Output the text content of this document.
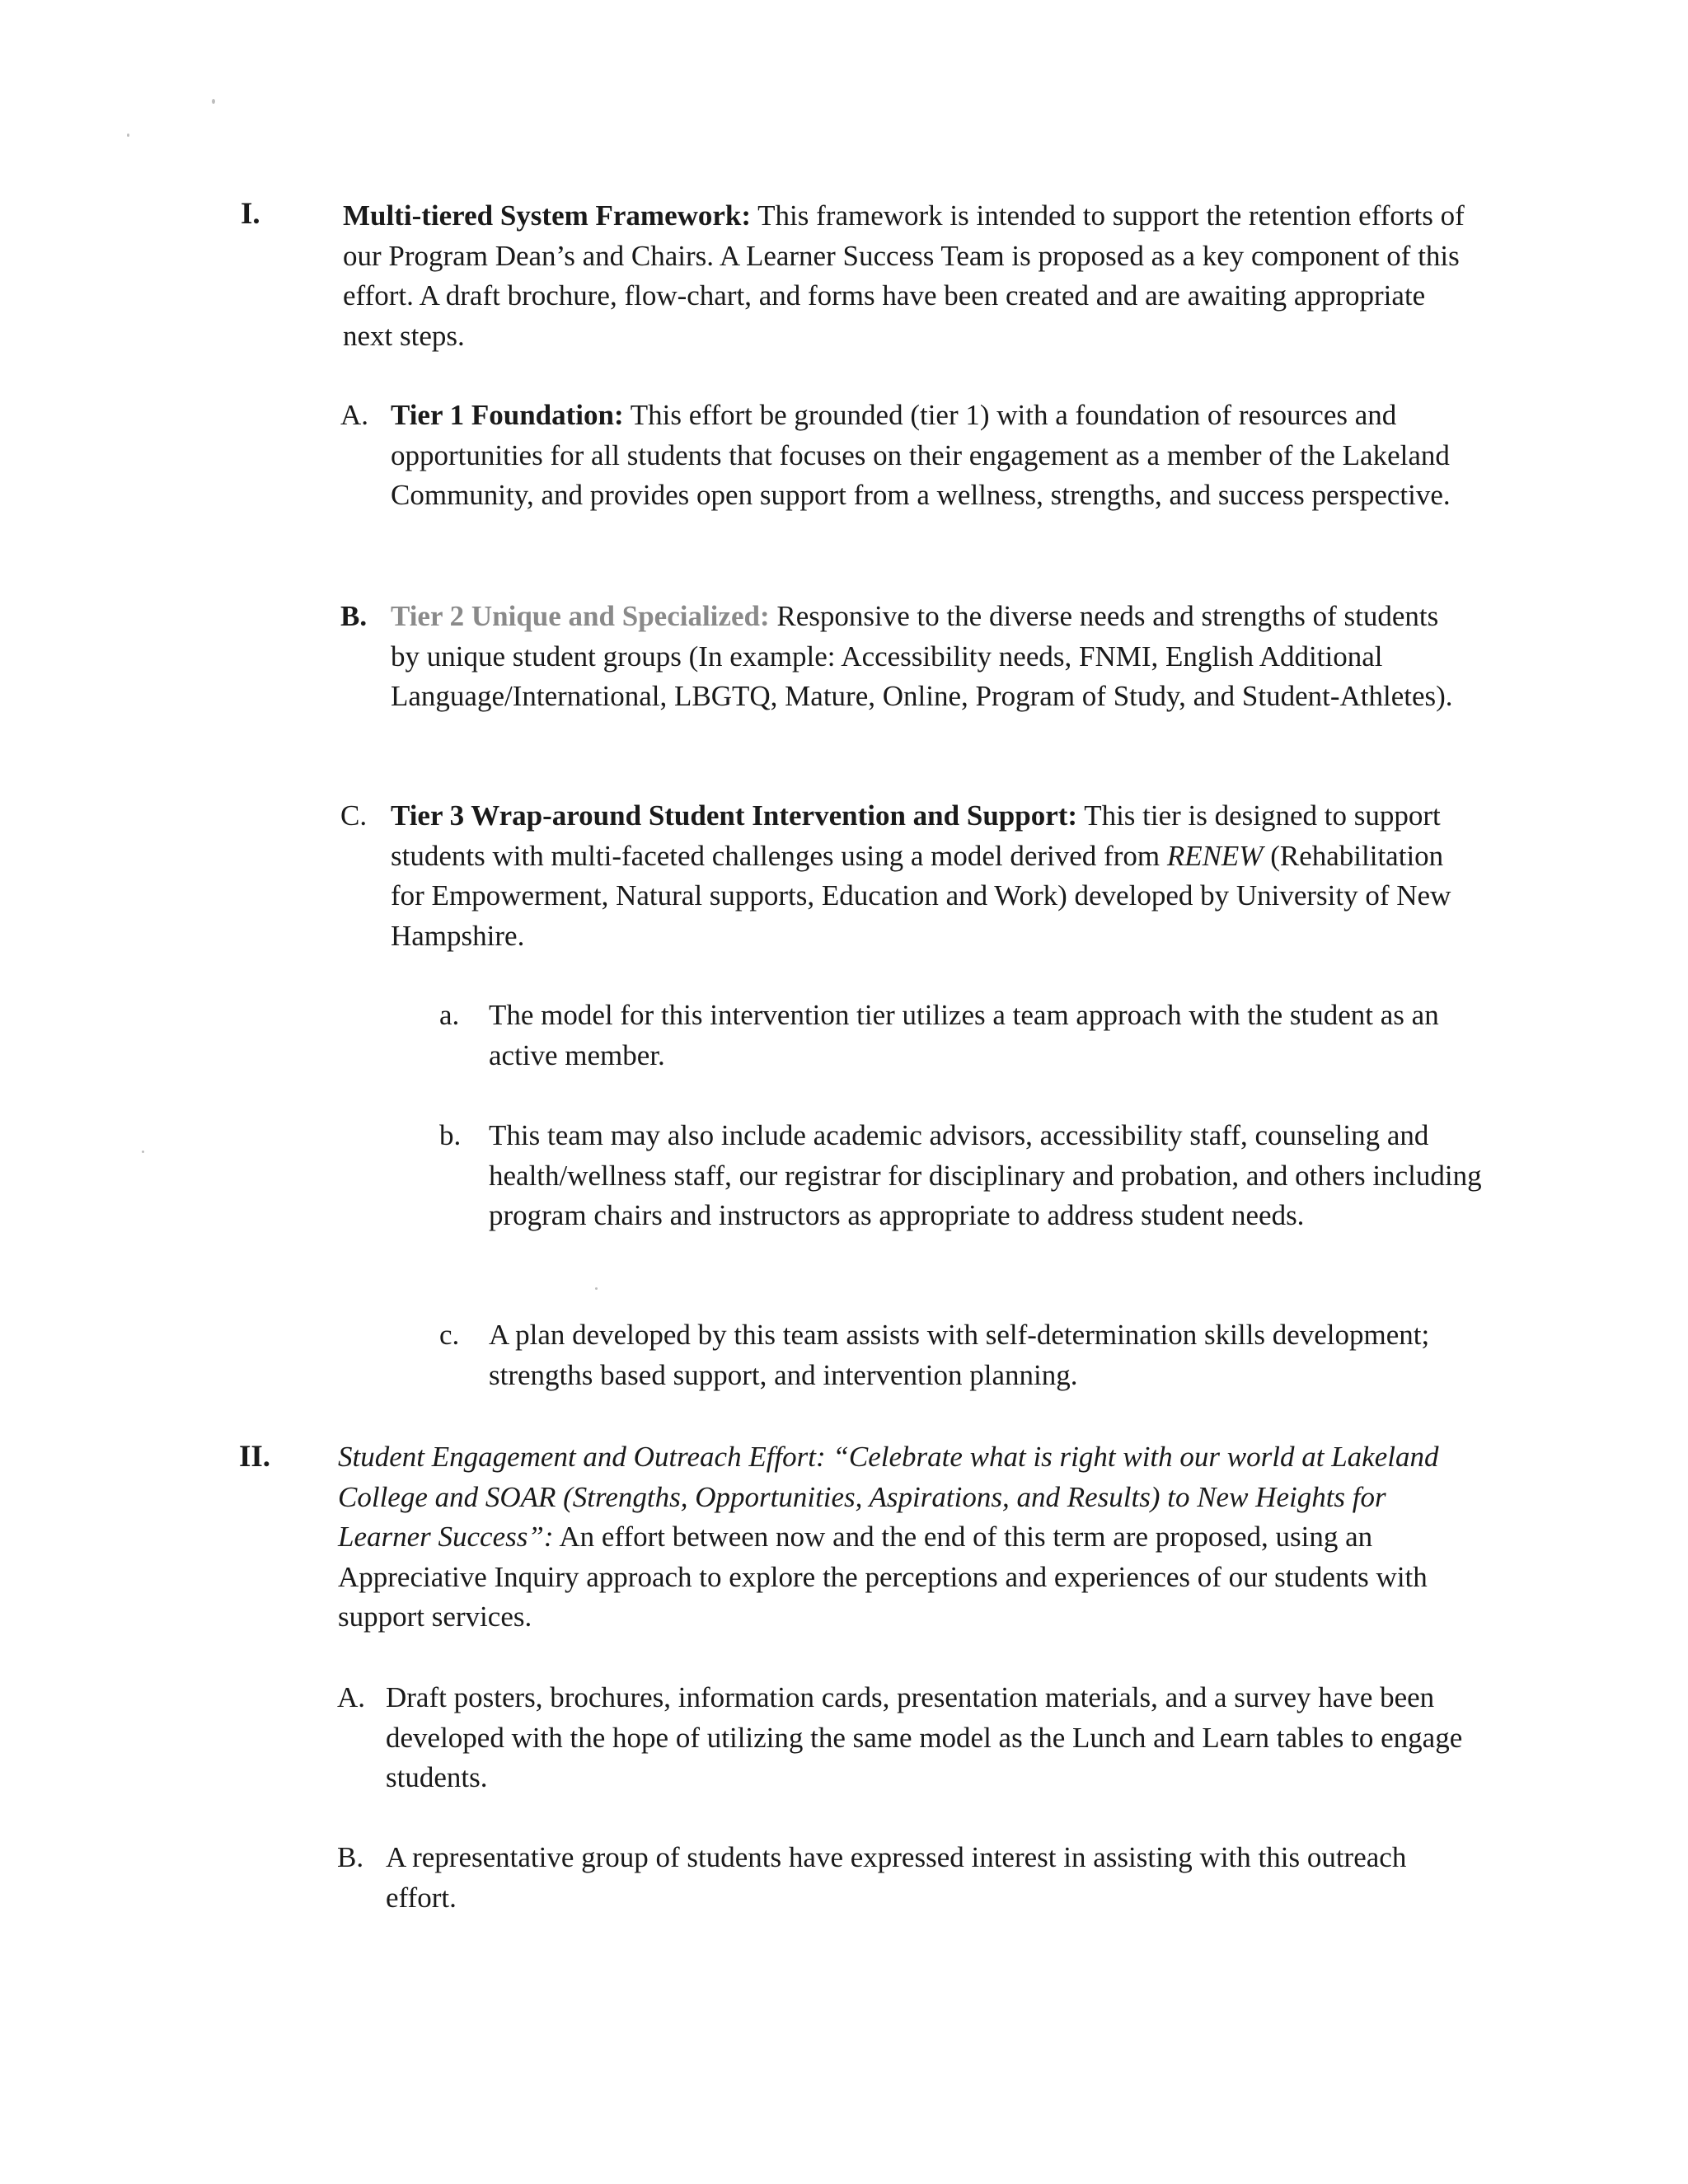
I.	Multi-tiered System Framework: This framework is intended to support the retention efforts of our Program Dean’s and Chairs. A Learner Success Team is proposed as a key component of this effort. A draft brochure, flow-chart, and forms have been created and are awaiting appropriate next steps.

A. Tier 1 Foundation: This effort be grounded (tier 1) with a foundation of resources and opportunities for all students that focuses on their engagement as a member of the Lakeland Community, and provides open support from a wellness, strengths, and success perspective.

B. Tier 2 Unique and Specialized: Responsive to the diverse needs and strengths of students by unique student groups (In example: Accessibility needs, FNMI, English Additional Language/International, LBGTQ, Mature, Online, Program of Study, and Student-Athletes).

C. Tier 3 Wrap-around Student Intervention and Support: This tier is designed to support students with multi-faceted challenges using a model derived from RENEW (Rehabilitation for Empowerment, Natural supports, Education and Work) developed by University of New Hampshire.

a. The model for this intervention tier utilizes a team approach with the student as an active member.

b. This team may also include academic advisors, accessibility staff, counseling and health/wellness staff, our registrar for disciplinary and probation, and others including program chairs and instructors as appropriate to address student needs.

c. A plan developed by this team assists with self-determination skills development; strengths based support, and intervention planning.

II. Student Engagement and Outreach Effort: “Celebrate what is right with our world at Lakeland College and SOAR (Strengths, Opportunities, Aspirations, and Results) to New Heights for Learner Success”: An effort between now and the end of this term are proposed, using an Appreciative Inquiry approach to explore the perceptions and experiences of our students with support services.

A. Draft posters, brochures, information cards, presentation materials, and a survey have been developed with the hope of utilizing the same model as the Lunch and Learn tables to engage students.

B. A representative group of students have expressed interest in assisting with this outreach effort.
